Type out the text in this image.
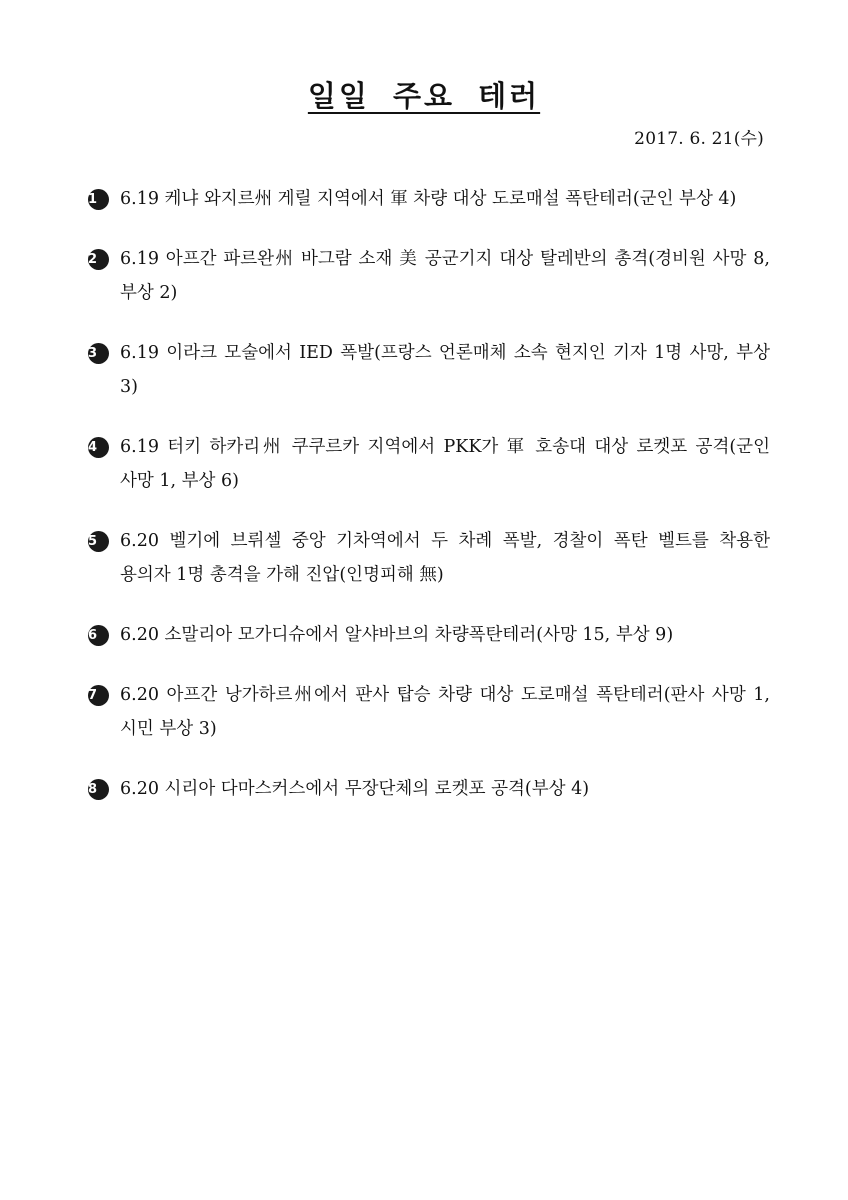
일일 주요 테러
2017. 6. 21(수)
1	6.19 케냐 와지르州 게릴 지역에서 軍 차량 대상 도로매설 폭탄테러(군인 부상 4)
2	6.19 아프간 파르완州 바그람 소재 美 공군기지 대상 탈레반의 총격(경비원 사망 8, 부상 2)
3	6.19 이라크 모술에서 IED 폭발(프랑스 언론매체 소속 현지인 기자 1명 사망, 부상 3)
4	6.19 터키 하카리州 쿠쿠르카 지역에서 PKK가 軍 호송대 대상 로켓포 공격(군인 사망 1, 부상 6)
5	6.20 벨기에 브뤼셀 중앙 기차역에서 두 차례 폭발, 경찰이 폭탄 벨트를 착용한 용의자 1명 총격을 가해 진압(인명피해 無)
6	6.20 소말리아 모가디슈에서 알샤바브의 차량폭탄테러(사망 15, 부상 9)
7	6.20 아프간 낭가하르州에서 판사 탑승 차량 대상 도로매설 폭탄테러(판사 사망 1, 시민 부상 3)
8	6.20 시리아 다마스커스에서 무장단체의 로켓포 공격(부상 4)
